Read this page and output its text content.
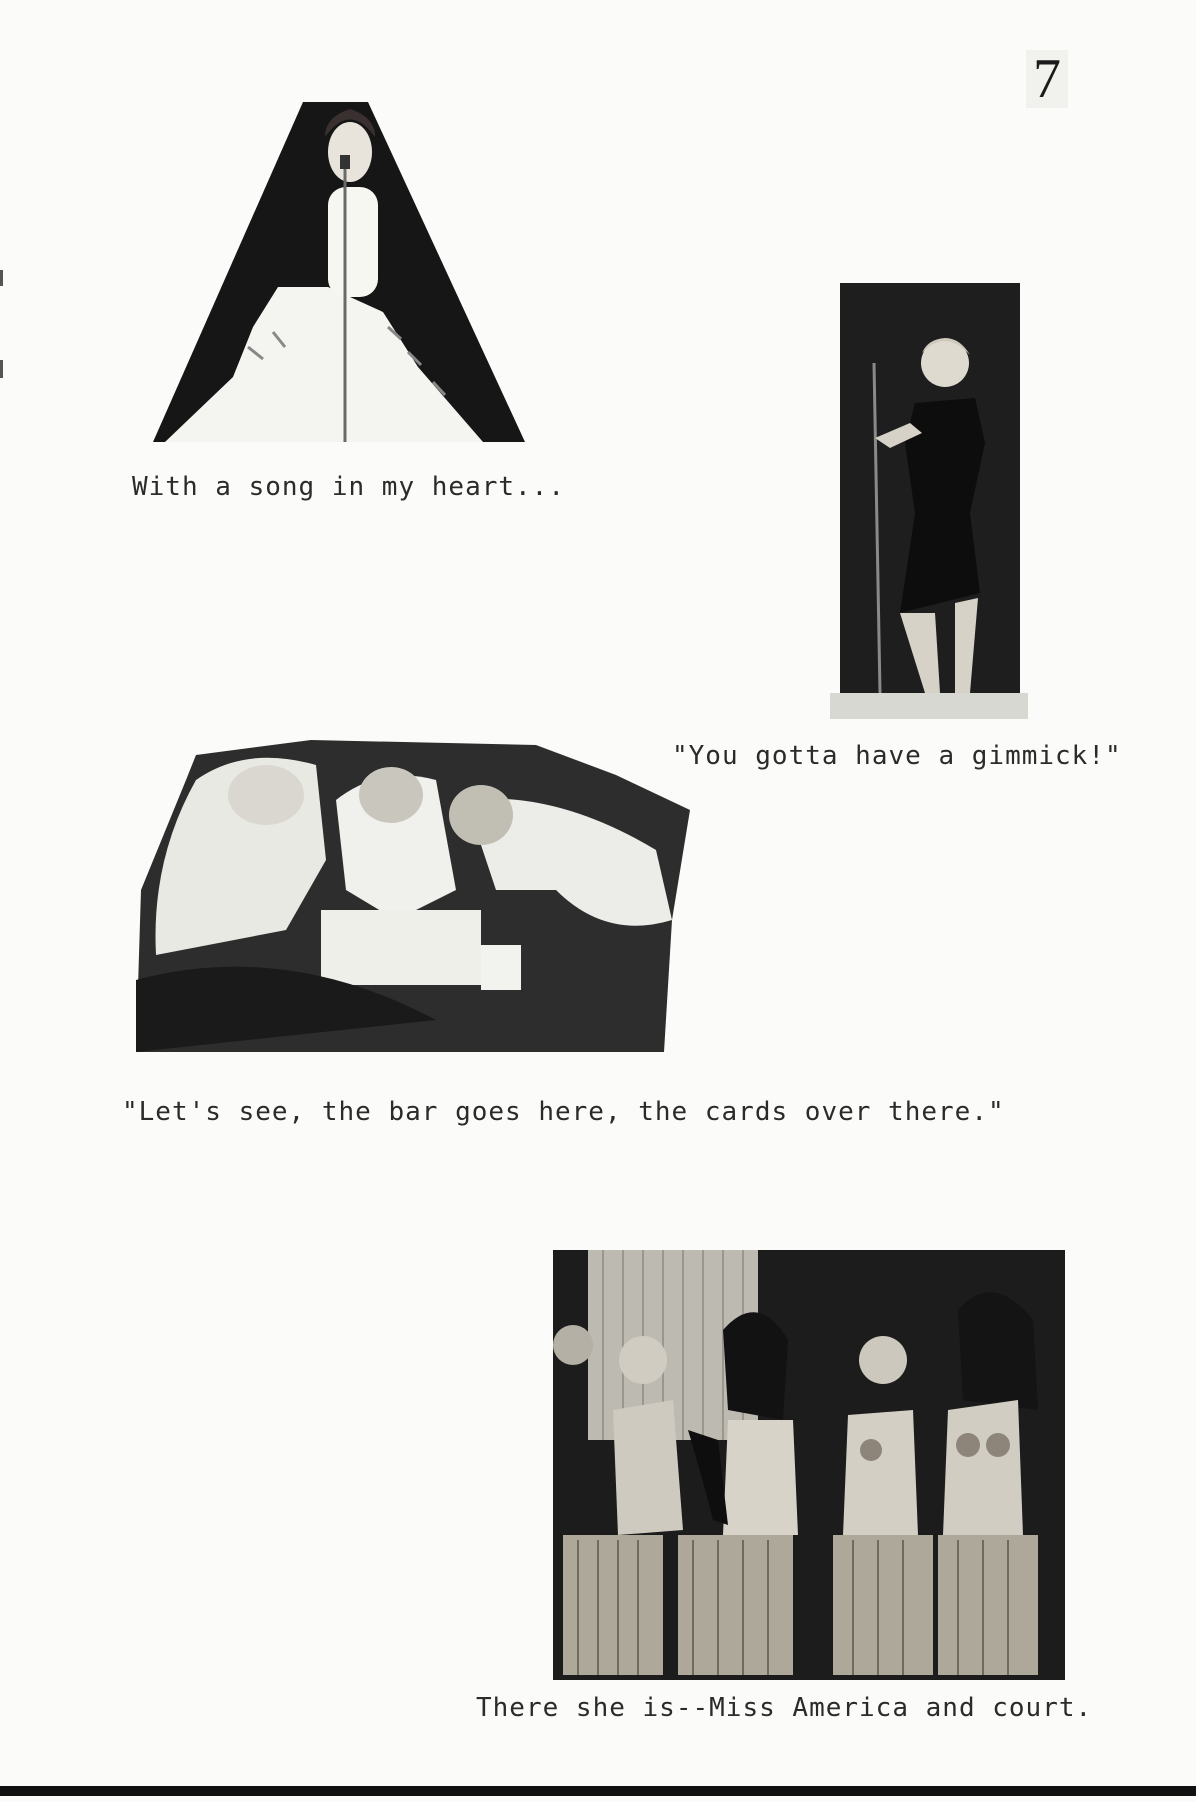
7
With a song in my heart...
"You gotta have a gimmick!"
"Let's see, the bar goes here, the cards over there."
There she is--Miss America and court.
